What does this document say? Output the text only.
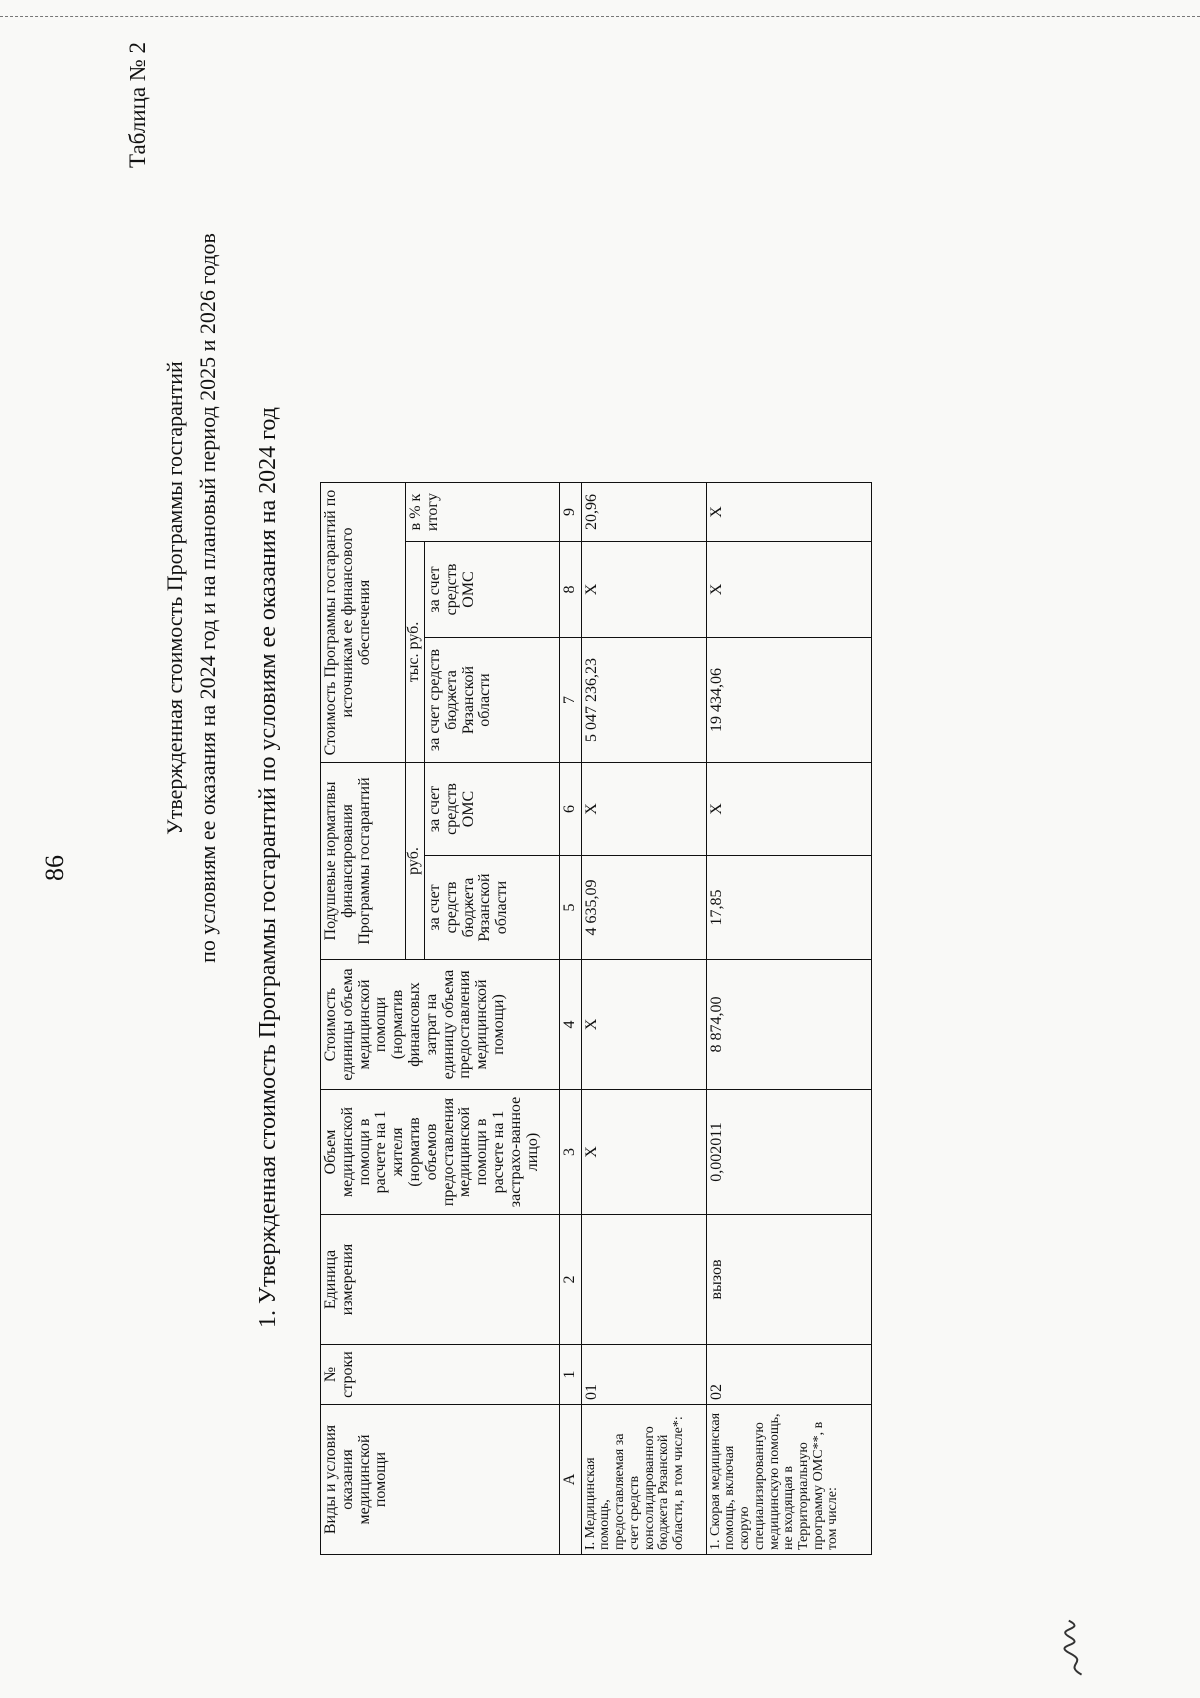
86
Таблица № 2
Утвержденная стоимость Программы госгарантий по условиям ее оказания на 2024 год и на плановый период 2025 и 2026 годов 1. Утвержденная стоимость Программы госгарантий по условиям ее оказания на 2024 год
Виды и условия оказания медицинской помощи	№ строки	Единица измерения	Объем медицинской помощи в расчете на 1 жителя (норматив объемов предоставления медицинской помощи в расчете на 1 застрахо-ванное лицо)	Стоимость единицы объема медицинской помощи (норматив финансовых затрат на единицу объема предоставления медицинской помощи)	Подушевые нормативы финансирования Программы госгарантий		Стоимость Программы госгарантий по источникам ее финансового обеспечения		
					руб.		тыс. руб.		в % к итогу
					за счет средств бюджета Рязанской области	за счет средств ОМС	за счет средств бюджета Рязанской области	за счет средств ОМС	
А	1	2	3	4	5	6	7	8	9
I. Медицинская помощь, предоставляемая за счет средств консолидированного бюджета Рязанской области, в том числе*:	01		X	X	4 635,09	X	5 047 236,23	X	20,96
1. Скорая медицинская помощь, включая скорую специализированную медицинскую помощь, не входящая в Территориальную программу ОМС**, в том числе:	02	вызов	0,002011	8 874,00	17,85	X	19 434,06	X	X
